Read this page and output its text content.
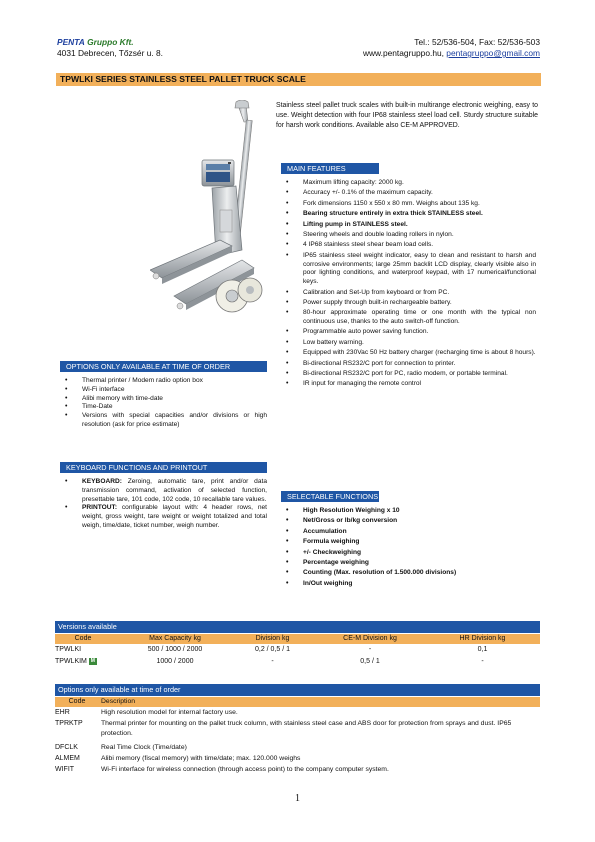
PENTA Gruppo Kft.
4031 Debrecen, Tőzsér u. 8.
Tel.: 52/536-504, Fax: 52/536-503
www.pentagruppo.hu, pentagruppo@gmail.com
TPWLKI SERIES STAINLESS STEEL PALLET TRUCK SCALE
Stainless steel pallet truck scales with built-in multirange electronic weighing, easy to use. Weight detection with four IP68 stainless steel load cell. Sturdy structure suitable for harsh work conditions. Available also CE-M APPROVED.
MAIN FEATURES
• Maximum lifting capacity: 2000 kg.
• Accuracy +/- 0.1% of the maximum capacity.
• Fork dimensions 1150 x 550 x 80 mm. Weighs about 135 kg.
• Bearing structure entirely in extra thick STAINLESS steel.
• Lifting pump in STAINLESS steel.
• Steering wheels and double loading rollers in nylon.
• 4 IP68 stainless steel shear beam load cells.
• IP65 stainless steel weight indicator, easy to clean and resistant to harsh and corrosive environments; large 25mm backlit LCD display, clearly visible also in poor lighting conditions, and waterproof keypad, with 17 numerical/functional keys.
• Calibration and Set-Up from keyboard or from PC.
• Power supply through built-in rechargeable battery.
• 80-hour approximate operating time or one month with the typical non continuous use, thanks to the auto switch-off function.
• Programmable auto power saving function.
• Low battery warning.
• Equipped with 230Vac 50 Hz battery charger (recharging time is about 8 hours).
• Bi-directional RS232/C port for connection to printer.
• Bi-directional RS232/C port for PC, radio modem, or portable terminal.
• IR input for managing the remote control
OPTIONS ONLY AVAILABLE AT TIME OF ORDER
• Thermal printer / Modem radio option box
• Wi-Fi interface
• Alibi memory with time-date
• Time-Date
• Versions with special capacities and/or divisions or high resolution (ask for price estimate)
KEYBOARD FUNCTIONS AND PRINTOUT
• KEYBOARD: Zeroing, automatic tare, print and/or data transmission command, activation of selected function, presettable tare, 101 code, 102 code, 10 recallable tare values.
• PRINTOUT: configurable layout with: 4 header rows, net weight, gross weight, tare weight or weight totalized and total weigh, time/date, ticket number, weigh number.
SELECTABLE FUNCTIONS
• High Resolution Weighing x 10
• Net/Gross or lb/kg conversion
• Accumulation
• Formula weighing
• +/- Checkweighing
• Percentage weighing
• Counting (Max. resolution of 1.500.000 divisions)
• In/Out weighing
Versions available
Code	Max Capacity kg	Division kg	CE-M Division kg	HR Division kg
TPWLKI	500 / 1000 / 2000	0,2 / 0,5 / 1	-	0,1
TPWLKIM M	1000 / 2000	-	0,5 / 1	-
Options only available at time of order
Code	Description
EHR	High resolution model for internal factory use.
TPRKTP	Thermal printer for mounting on the pallet truck column, with stainless steel case and ABS door for protection from sprays and dust. IP65 protection.
DFCLK	Real Time Clock (Time/date)
ALMEM	Alibi memory (fiscal memory) with time/date; max. 120.000 weighs
WIFIT	Wi-Fi interface for wireless connection (through access point) to the company computer system.
1
